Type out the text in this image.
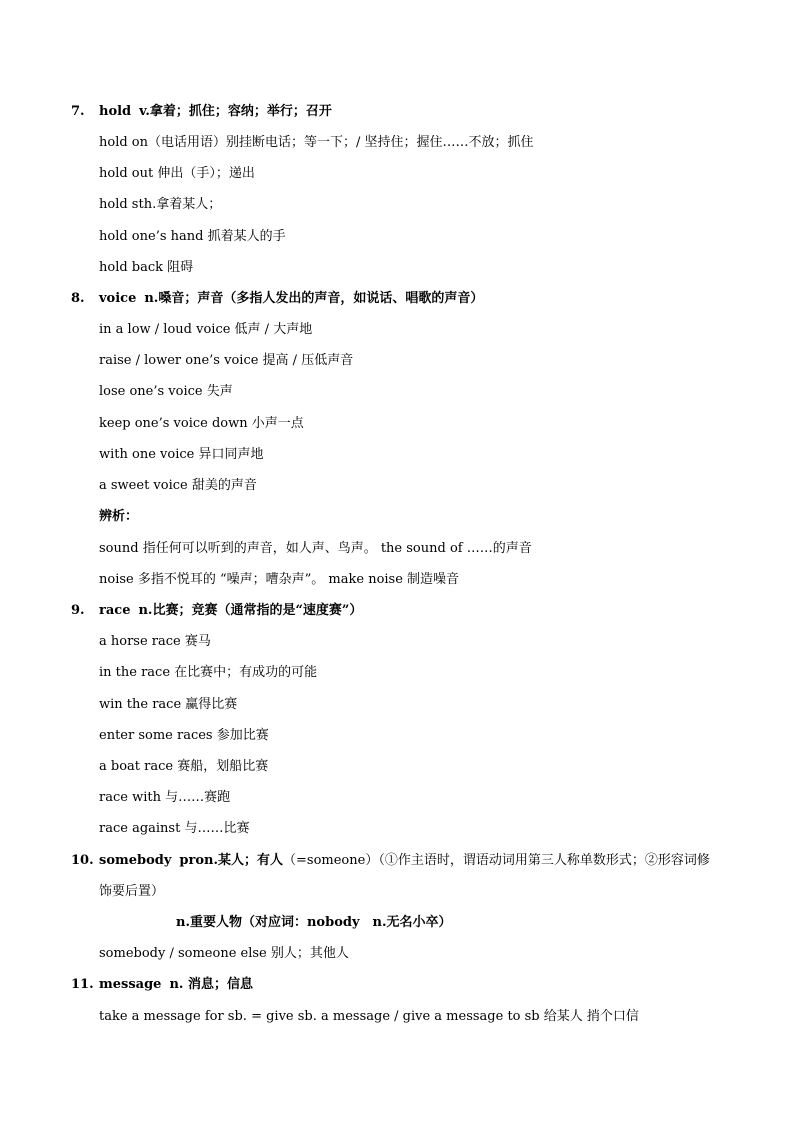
7. hold v.拿着；抓住；容纳；举行；召开
hold on（电话用语）别挂断电话；等一下；/ 坚持住；握住……不放；抓住
hold out 伸出（手）；递出
hold sth.拿着某人；
hold one’s hand 抓着某人的手
hold back 阻碍
8. voice n.嗓音；声音（多指人发出的声音，如说话、唱歌的声音）
in a low / loud voice 低声 / 大声地
raise / lower one’s voice 提高 / 压低声音
lose one’s voice 失声
keep one’s voice down 小声一点
with one voice 异口同声地
a sweet voice 甜美的声音
辨析：
sound 指任何可以听到的声音，如人声、鸟声。 the sound of ……的声音
noise 多指不悦耳的 “噪声；嘈杂声”。 make noise 制造噪音
9. race n.比赛；竞赛（通常指的是“速度赛”）
a horse race 赛马
in the race 在比赛中；有成功的可能
win the race 赢得比赛
enter some races 参加比赛
a boat race 赛船，划船比赛
race with 与……赛跑
race against 与……比赛
10. somebody pron.某人；有人（=someone）（①作主语时，谓语动词用第三人称单数形式；②形容词修
饰要后置）
n.重要人物（对应词：nobody　n.无名小卒）
somebody / someone else 别人；其他人
11. message n. 消息；信息
take a message for sb. = give sb. a message / give a message to sb 给某人 捎个口信
